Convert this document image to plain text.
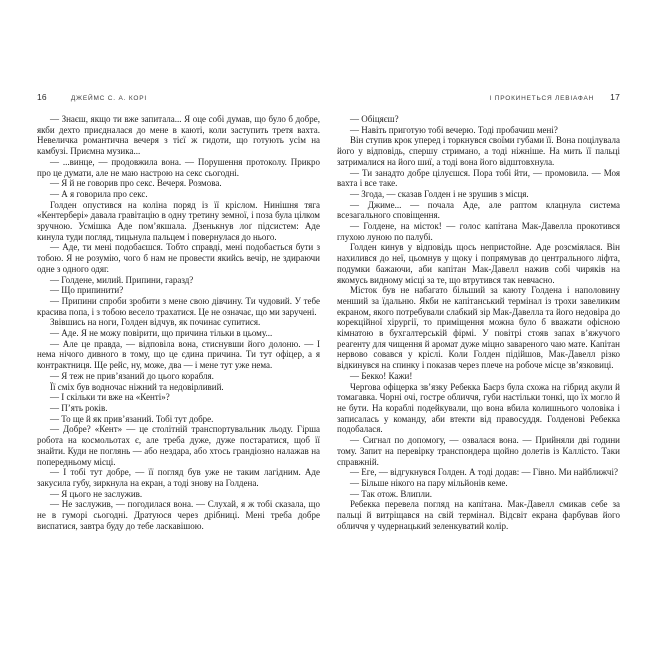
16	ДЖЕЙМС С. А. КОРІ

— Знаєш, якщо ти вже запитала... Я оце собі думав, що було б добре, якби дехто приєдналася до мене в каюті, коли заступить третя вахта. Невеличка романтична вечеря з тієї ж гидоти, що готують усім на камбузі. Приємна музика...

— ...винце, — продовжила вона. — Порушення протоколу. Прикро про це думати, але не маю настрою на секс сьогодні.

— Я й не говорив про секс. Вечеря. Розмова.

— А я говорила про секс.

Голден опустився на коліна поряд із її кріслом. Нинішня тяга «Кентербері» давала гравітацію в одну третину земної, і поза була цілком зручною. Усмішка Аде пом’якшала. Дзенькнув лоґ підсистем: Аде кинула туди погляд, тицьнула пальцем і повернулася до нього.

— Аде, ти мені подобаєшся. Тобто справді, мені подобається бути з тобою. Я не розумію, чого б нам не провести якийсь вечір, не здираючи одне з одного одяг.

— Голдене, милий. Припини, гаразд?

— Що припинити?

— Припини спроби зробити з мене свою дівчину. Ти чудовий. У тебе красива попа, і з тобою весело трахатися. Це не означає, що ми заручені.

Звівшись на ноги, Голден відчув, як починає супитися.

— Аде. Я не можу повірити, що причина тільки в цьому...

— Але це правда, — відповіла вона, стиснувши його долоню. — І нема нічого дивного в тому, що це єдина причина. Ти тут офіцер, а я контрактниця. Ще рейс, ну, може, два — і мене тут уже нема.

— Я теж не прив’язаний до цього корабля.

Її сміх був водночас ніжний та недовірливий.

— І скільки ти вже на «Кенті»?

— П’ять років.

— То ще й як прив’язаний. Тобі тут добре.

— Добре? «Кент» — це столітній транспортувальник льоду. Гірша робота на космольотах є, але треба дуже, дуже постаратися, щоб її знайти. Куди не поглянь — або нездара, або хтось грандіозно налажав на попередньому місці.

— І тобі тут добре, — її погляд був уже не таким лагідним. Аде закусила губу, зиркнула на екран, а тоді знову на Голдена.

— Я цього не заслужив.

— Не заслужив, — погодилася вона. — Слухай, я ж тобі сказала, що не в гуморі сьогодні. Дратуюся через дрібниці. Мені треба добре виспатися, завтра буду до тебе ласкавішою.

І ПРОКИНЕТЬСЯ ЛЕВІАФАН 17

— Обіцяєш?

— Навіть приготую тобі вечерю. Тоді пробачиш мені?

Він ступив крок уперед і торкнувся своїми губами її. Вона поцілувала його у відповідь, спершу стримано, а тоді ніжніше. На мить її пальці затрималися на його шиї, а тоді вона його відштовхнула.

— Ти занадто добре цілуєшся. Пора тобі йти, — промовила. — Моя вахта і все таке.

— Згода, — сказав Голден і не зрушив з місця.

— Джиме... — почала Аде, але раптом клацнула система всезагального сповіщення.

— Голдене, на місток! — голос капітана Мак-Давелла прокотився глухою луною по палубі.

Голден кинув у відповідь щось непристойне. Аде розсміялася. Він нахилився до неї, цьомнув у щоку і попрямував до центрального ліфта, подумки бажаючи, аби капітан Мак-Давелл нажив собі чиряків на якомусь видному місці за те, що втрутився так невчасно.

Місток був не набагато більший за каюту Голдена і наполовину менший за їдальню. Якби не капітанський термінал із трохи завеликим екраном, якого потребували слабкий зір Мак-Давелла та його недовіра до корекційної хірургії, то приміщення можна було б вважати офісною кімнатою в бухгалтерській фірмі. У повітрі стояв запах в’яжучого реагенту для чищення й аромат дуже міцно завареного чаю мате. Капітан нервово совався у кріслі. Коли Голден підійшов, Мак-Давелл різко відкинувся на спинку і показав через плече на робоче місце зв’язковиці.

— Бекко! Кажи!

Чергова офіцерка зв’язку Ребекка Баєрз була схожа на гібрид акули й томагавка. Чорні очі, гостре обличчя, губи настільки тонкі, що їх могло й не бути. На кораблі подейкували, що вона вбила колишнього чоловіка і записалась у команду, аби втекти від правосуддя. Голденові Ребекка подобалася.

— Сигнал по допомогу, — озвалася вона. — Прийняли дві години тому. Запит на перевірку транспондера щойно долетів із Каллісто. Таки справжній.

— Еге, — відгукнувся Голден. А тоді додав: — Гівно. Ми найближчі?

— Більше нікого на пару мільйонів кеме.

— Так отож. Влипли.

Ребекка перевела погляд на капітана. Мак-Давелл смикав себе за пальці й витріщався на свій термінал. Відсвіт екрана фарбував його обличчя у чудернацький зеленкуватий колір.
